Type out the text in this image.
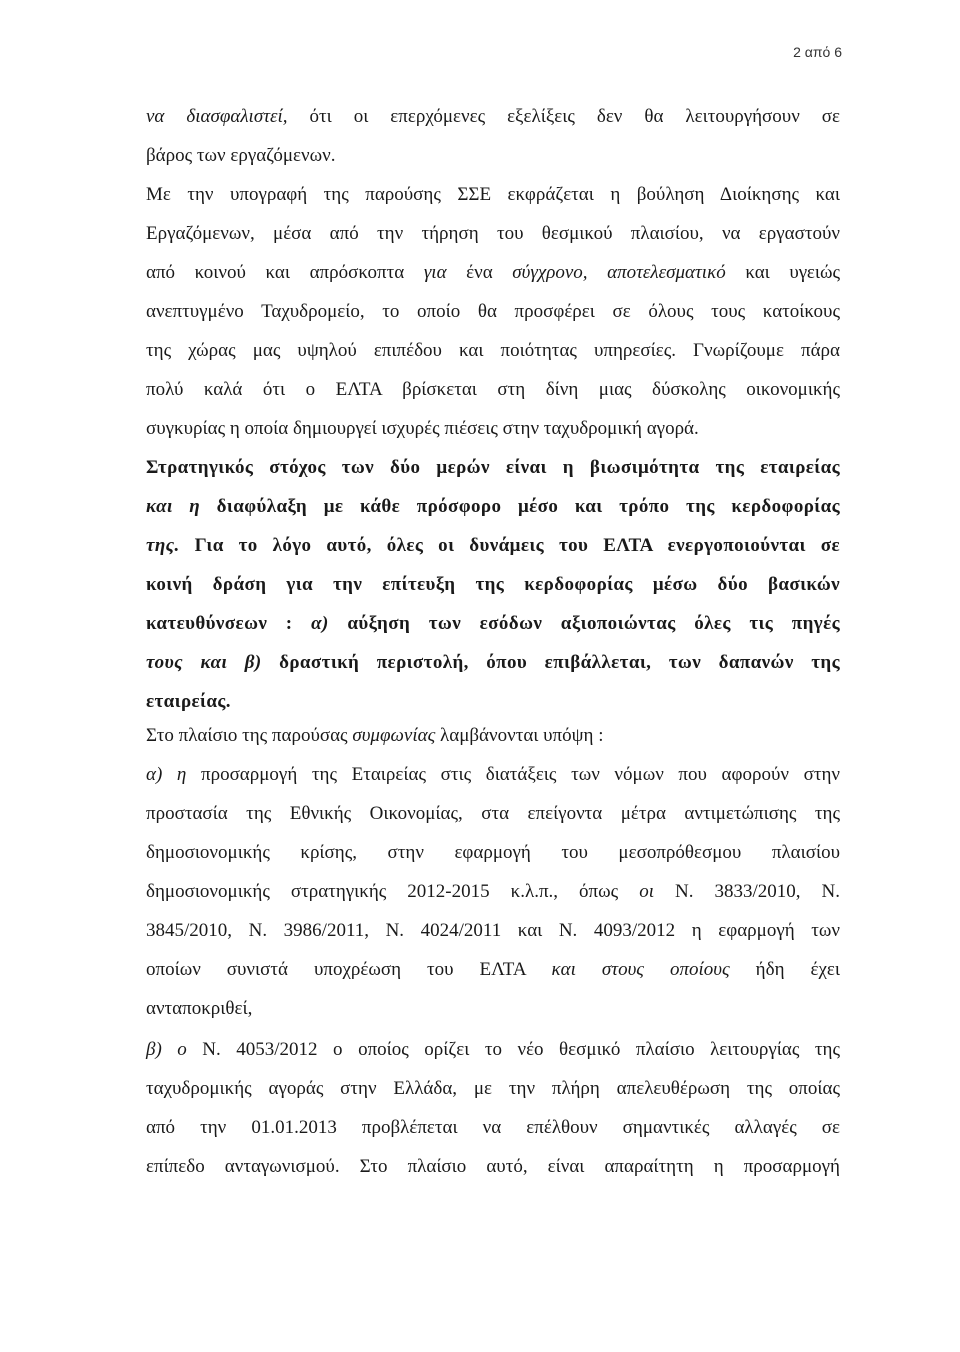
2 από 6
να διασφαλιστεί, ότι οι επερχόμενες εξελίξεις δεν θα λειτουργήσουν σε
βάρος των εργαζόμενων.
Με την υπογραφή της παρούσης ΣΣΕ εκφράζεται η βούληση Διοίκησης και
Εργαζόμενων, μέσα από την τήρηση του θεσμικού πλαισίου, να εργαστούν
από κοινού και απρόσκοπτα για ένα σύγχρονο, αποτελεσματικό και υγειώς
ανεπτυγμένο Ταχυδρομείο, το οποίο θα προσφέρει σε όλους τους κατοίκους
της χώρας μας υψηλού επιπέδου και ποιότητας υπηρεσίες. Γνωρίζουμε πάρα
πολύ καλά ότι ο ΕΛΤΑ βρίσκεται στη δίνη μιας δύσκολης οικονομικής
συγκυρίας η οποία δημιουργεί ισχυρές πιέσεις στην ταχυδρομική αγορά.
Στρατηγικός στόχος των δύο μερών είναι η βιωσιμότητα της εταιρείας
και η διαφύλαξη με κάθε πρόσφορο μέσο και τρόπο της κερδοφορίας
της. Για το λόγο αυτό, όλες οι δυνάμεις του ΕΛΤΑ ενεργοποιούνται σε
κοινή δράση για την επίτευξη της κερδοφορίας μέσω δύο βασικών
κατευθύνσεων : α) αύξηση των εσόδων αξιοποιώντας όλες τις πηγές
τους και β) δραστική περιστολή, όπου επιβάλλεται, των δαπανών της
εταιρείας.
Στο πλαίσιο της παρούσας συμφωνίας λαμβάνονται υπόψη :
α) η προσαρμογή της Εταιρείας στις διατάξεις των νόμων που αφορούν στην
προστασία της Εθνικής Οικονομίας, στα επείγοντα μέτρα αντιμετώπισης της
δημοσιονομικής κρίσης, στην εφαρμογή του μεσοπρόθεσμου πλαισίου
δημοσιονομικής στρατηγικής 2012-2015 κ.λ.π., όπως οι Ν. 3833/2010, Ν.
3845/2010, Ν. 3986/2011, Ν. 4024/2011 και Ν. 4093/2012 η εφαρμογή των
οποίων συνιστά υποχρέωση του ΕΛΤΑ και στους οποίους ήδη έχει
ανταποκριθεί,
β) ο Ν. 4053/2012 ο οποίος ορίζει το νέο θεσμικό πλαίσιο λειτουργίας της
ταχυδρομικής αγοράς στην Ελλάδα, με την πλήρη απελευθέρωση της οποίας
από την 01.01.2013 προβλέπεται να επέλθουν σημαντικές αλλαγές σε
επίπεδο ανταγωνισμού. Στο πλαίσιο αυτό, είναι απαραίτητη η προσαρμογή
